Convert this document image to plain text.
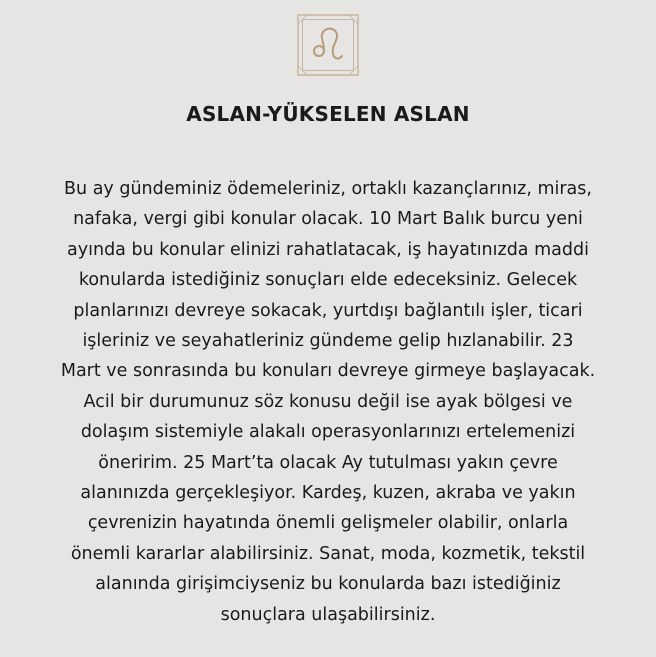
ASLAN-YÜKSELEN ASLAN

Bu ay gündeminiz ödemeleriniz, ortaklı kazançlarınız, miras,
nafaka, vergi gibi konular olacak. 10 Mart Balık burcu yeni
ayında bu konular elinizi rahatlatacak, iş hayatınızda maddi
konularda istediğiniz sonuçları elde edeceksiniz. Gelecek
planlarınızı devreye sokacak, yurtdışı bağlantılı işler, ticari
işleriniz ve seyahatleriniz gündeme gelip hızlanabilir. 23
Mart ve sonrasında bu konuları devreye girmeye başlayacak.
Acil bir durumunuz söz konusu değil ise ayak bölgesi ve
dolaşım sistemiyle alakalı operasyonlarınızı ertelemenizi
öneririm. 25 Mart’ta olacak Ay tutulması yakın çevre
alanınızda gerçekleşiyor. Kardeş, kuzen, akraba ve yakın
çevrenizin hayatında önemli gelişmeler olabilir, onlarla
önemli kararlar alabilirsiniz. Sanat, moda, kozmetik, tekstil
alanında girişimciyseniz bu konularda bazı istediğiniz
sonuçlara ulaşabilirsiniz.
